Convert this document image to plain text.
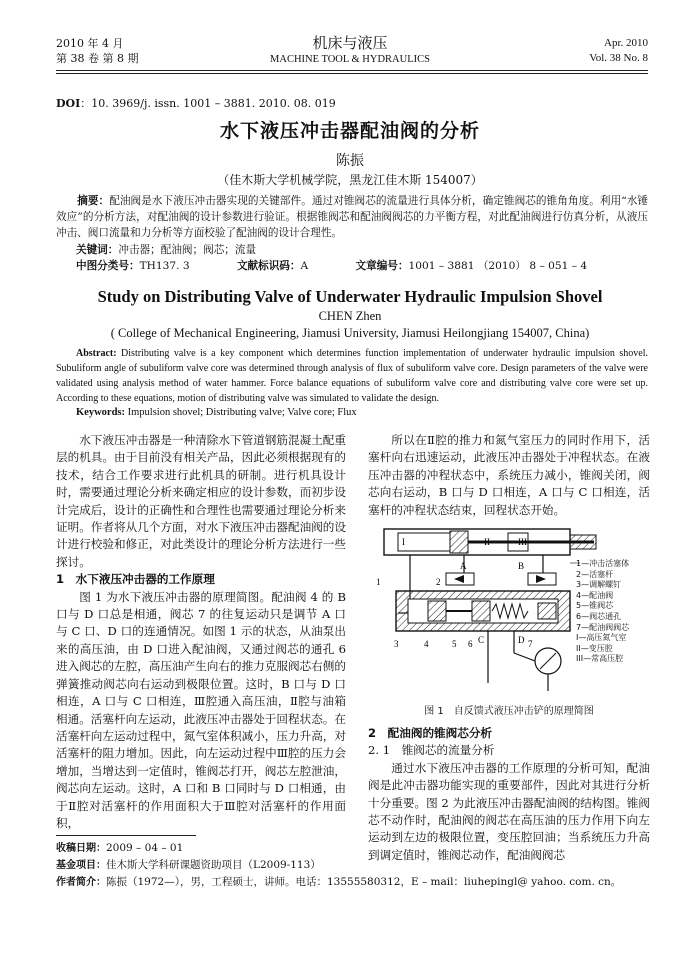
2010 年 4 月
第 38 卷 第 8 期
机床与液压
MACHINE TOOL & HYDRAULICS
Apr. 2010
Vol. 38 No. 8
DOI：10. 3969/j. issn. 1001 – 3881. 2010. 08. 019
水下液压冲击器配油阀的分析
陈振
（佳木斯大学机械学院，黑龙江佳木斯 154007）
摘要：配油阀是水下液压冲击器实现的关键部件。通过对锥阀芯的流量进行具体分析，确定锥阀芯的锥角角度。利用“水锤效应”的分析方法，对配油阀的设计参数进行验证。根据锥阀芯和配油阀阀芯的力平衡方程，对此配油阀进行仿真分析，从液压冲击、阀口流量和力分析等方面校验了配油阀的设计合理性。
关键词：冲击器；配油阀；阀芯；流量
中图分类号：TH137. 3	文献标识码：A	文章编号：1001 – 3881 （2010） 8 – 051 – 4
Study on Distributing Valve of Underwater Hydraulic Impulsion Shovel
CHEN Zhen
( College of Mechanical Engineering, Jiamusi University, Jiamusi Heilongjiang 154007, China)
Abstract: Distributing valve is a key component which determines function implementation of underwater hydraulic impulsion shovel. Subuliform angle of subuliform valve core was determined through analysis of flux of subuliform valve core. Design parameters of the valve were validated using analysis method of water hammer. Force balance equations of subuliform valve core and distributing valve core were set up. According to these equations, motion of distributing valve was simulated to validate the design.
Keywords: Impulsion shovel; Distributing valve; Valve core; Flux

水下液压冲击器是一种清除水下管道钢筋混凝土配重层的机具。由于目前没有相关产品，因此必须根据现有的技术，结合工作要求进行此机具的研制。进行机具设计时，需要通过理论分析来确定相应的设计参数，而初步设计完成后，设计的正确性和合理性也需要通过理论分析来证明。作者将从几个方面，对水下液压冲击器配油阀的设计进行校验和修正，对此类设计的理论分析方法进行一些探讨。

1　水下液压冲击器的工作原理

图 1 为水下液压冲击器的原理简图。配油阀 4 的 B 口与 D 口总是相通，阀芯 7 的往复运动只是调节 A 口与 C 口、D 口的连通情况。如图 1 示的状态，从油泵出来的高压油，由 D 口进入配油阀，又通过阀芯的通孔 6 进入阀芯的左腔，高压油产生向右的推力克服阀芯右侧的弹簧推动阀芯向右运动到极限位置。这时，B 口与 D 口相连，A 口与 C 口相连，Ⅲ腔通入高压油，Ⅱ腔与油箱相通。活塞杆向左运动，此液压冲击器处于回程状态。在活塞杆向左运动过程中，氮气室体积减小，压力升高，对活塞杆的阻力增加。因此，向左运动过程中Ⅲ腔的压力会增加，当增达到一定值时，锥阀芯打开，阀芯左腔泄油，阀芯向左运动。这时，A 口和 B 口同时与 D 口相通，由于Ⅱ腔对活塞杆的作用面积大于Ⅲ腔对活塞杆的作用面积，

所以在Ⅱ腔的推力和氮气室压力的同时作用下，活塞杆向右迅速运动，此液压冲击器处于冲程状态。在液压冲击器的冲程状态中，系统压力减小，锥阀关闭，阀芯向右运动，B 口与 D 口相连，A 口与 C 口相连，活塞杆的冲程状态结束，回程状态开始。

1	2
3	4	5 6	7
I	II	III
A	B
C	D
1—冲击活塞体
2—活塞杆
3—调解螺钉
4—配油阀
5—锥阀芯
6—阀芯通孔
7—配油阀阀芯
I—高压氮气室
II—变压腔
III—常高压腔
图 1　自反馈式液压冲击铲的原理简图
2　配油阀的锥阀芯分析
2. 1　锥阀芯的流量分析

通过水下液压冲击器的工作原理的分析可知，配油阀是此冲击器功能实现的重要部件，因此对其进行分析十分重要。图 2 为此液压冲击器配油阀的结构图。锥阀芯不动作时，配油阀的阀芯在高压油的压力作用下向左运动到左边的极限位置，变压腔回油；当系统压力升高到调定值时，锥阀芯动作，配油阀阀芯

收稿日期：2009 – 04 – 01
基金项目：佳木斯大学科研课题资助项目（L2009-113）
作者简介：陈振（1972—），男，工程硕士，讲师。电话：13555580312，E – mail：liuhepingl@ yahoo. com. cn。
